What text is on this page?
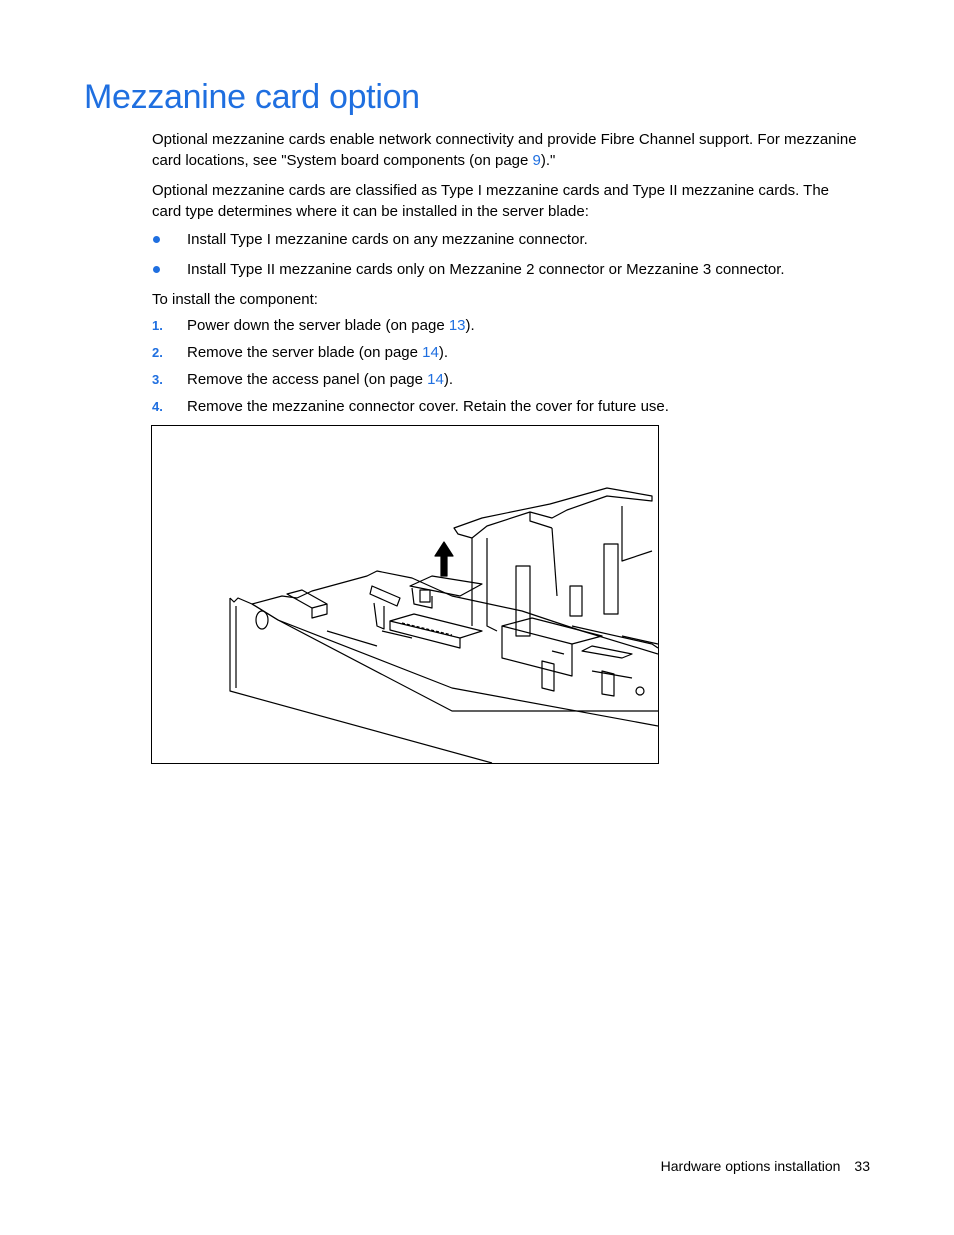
Mezzanine card option

Optional mezzanine cards enable network connectivity and provide Fibre Channel support. For mezzanine card locations, see "System board components (on page 9)."

Optional mezzanine cards are classified as Type I mezzanine cards and Type II mezzanine cards. The card type determines where it can be installed in the server blade:

Install Type I mezzanine cards on any mezzanine connector.
Install Type II mezzanine cards only on Mezzanine 2 connector or Mezzanine 3 connector.
To install the component:
1. Power down the server blade (on page 13).
2. Remove the server blade (on page 14).
3. Remove the access panel (on page 14).
4. Remove the mezzanine connector cover. Retain the cover for future use.
Hardware options installation 33
